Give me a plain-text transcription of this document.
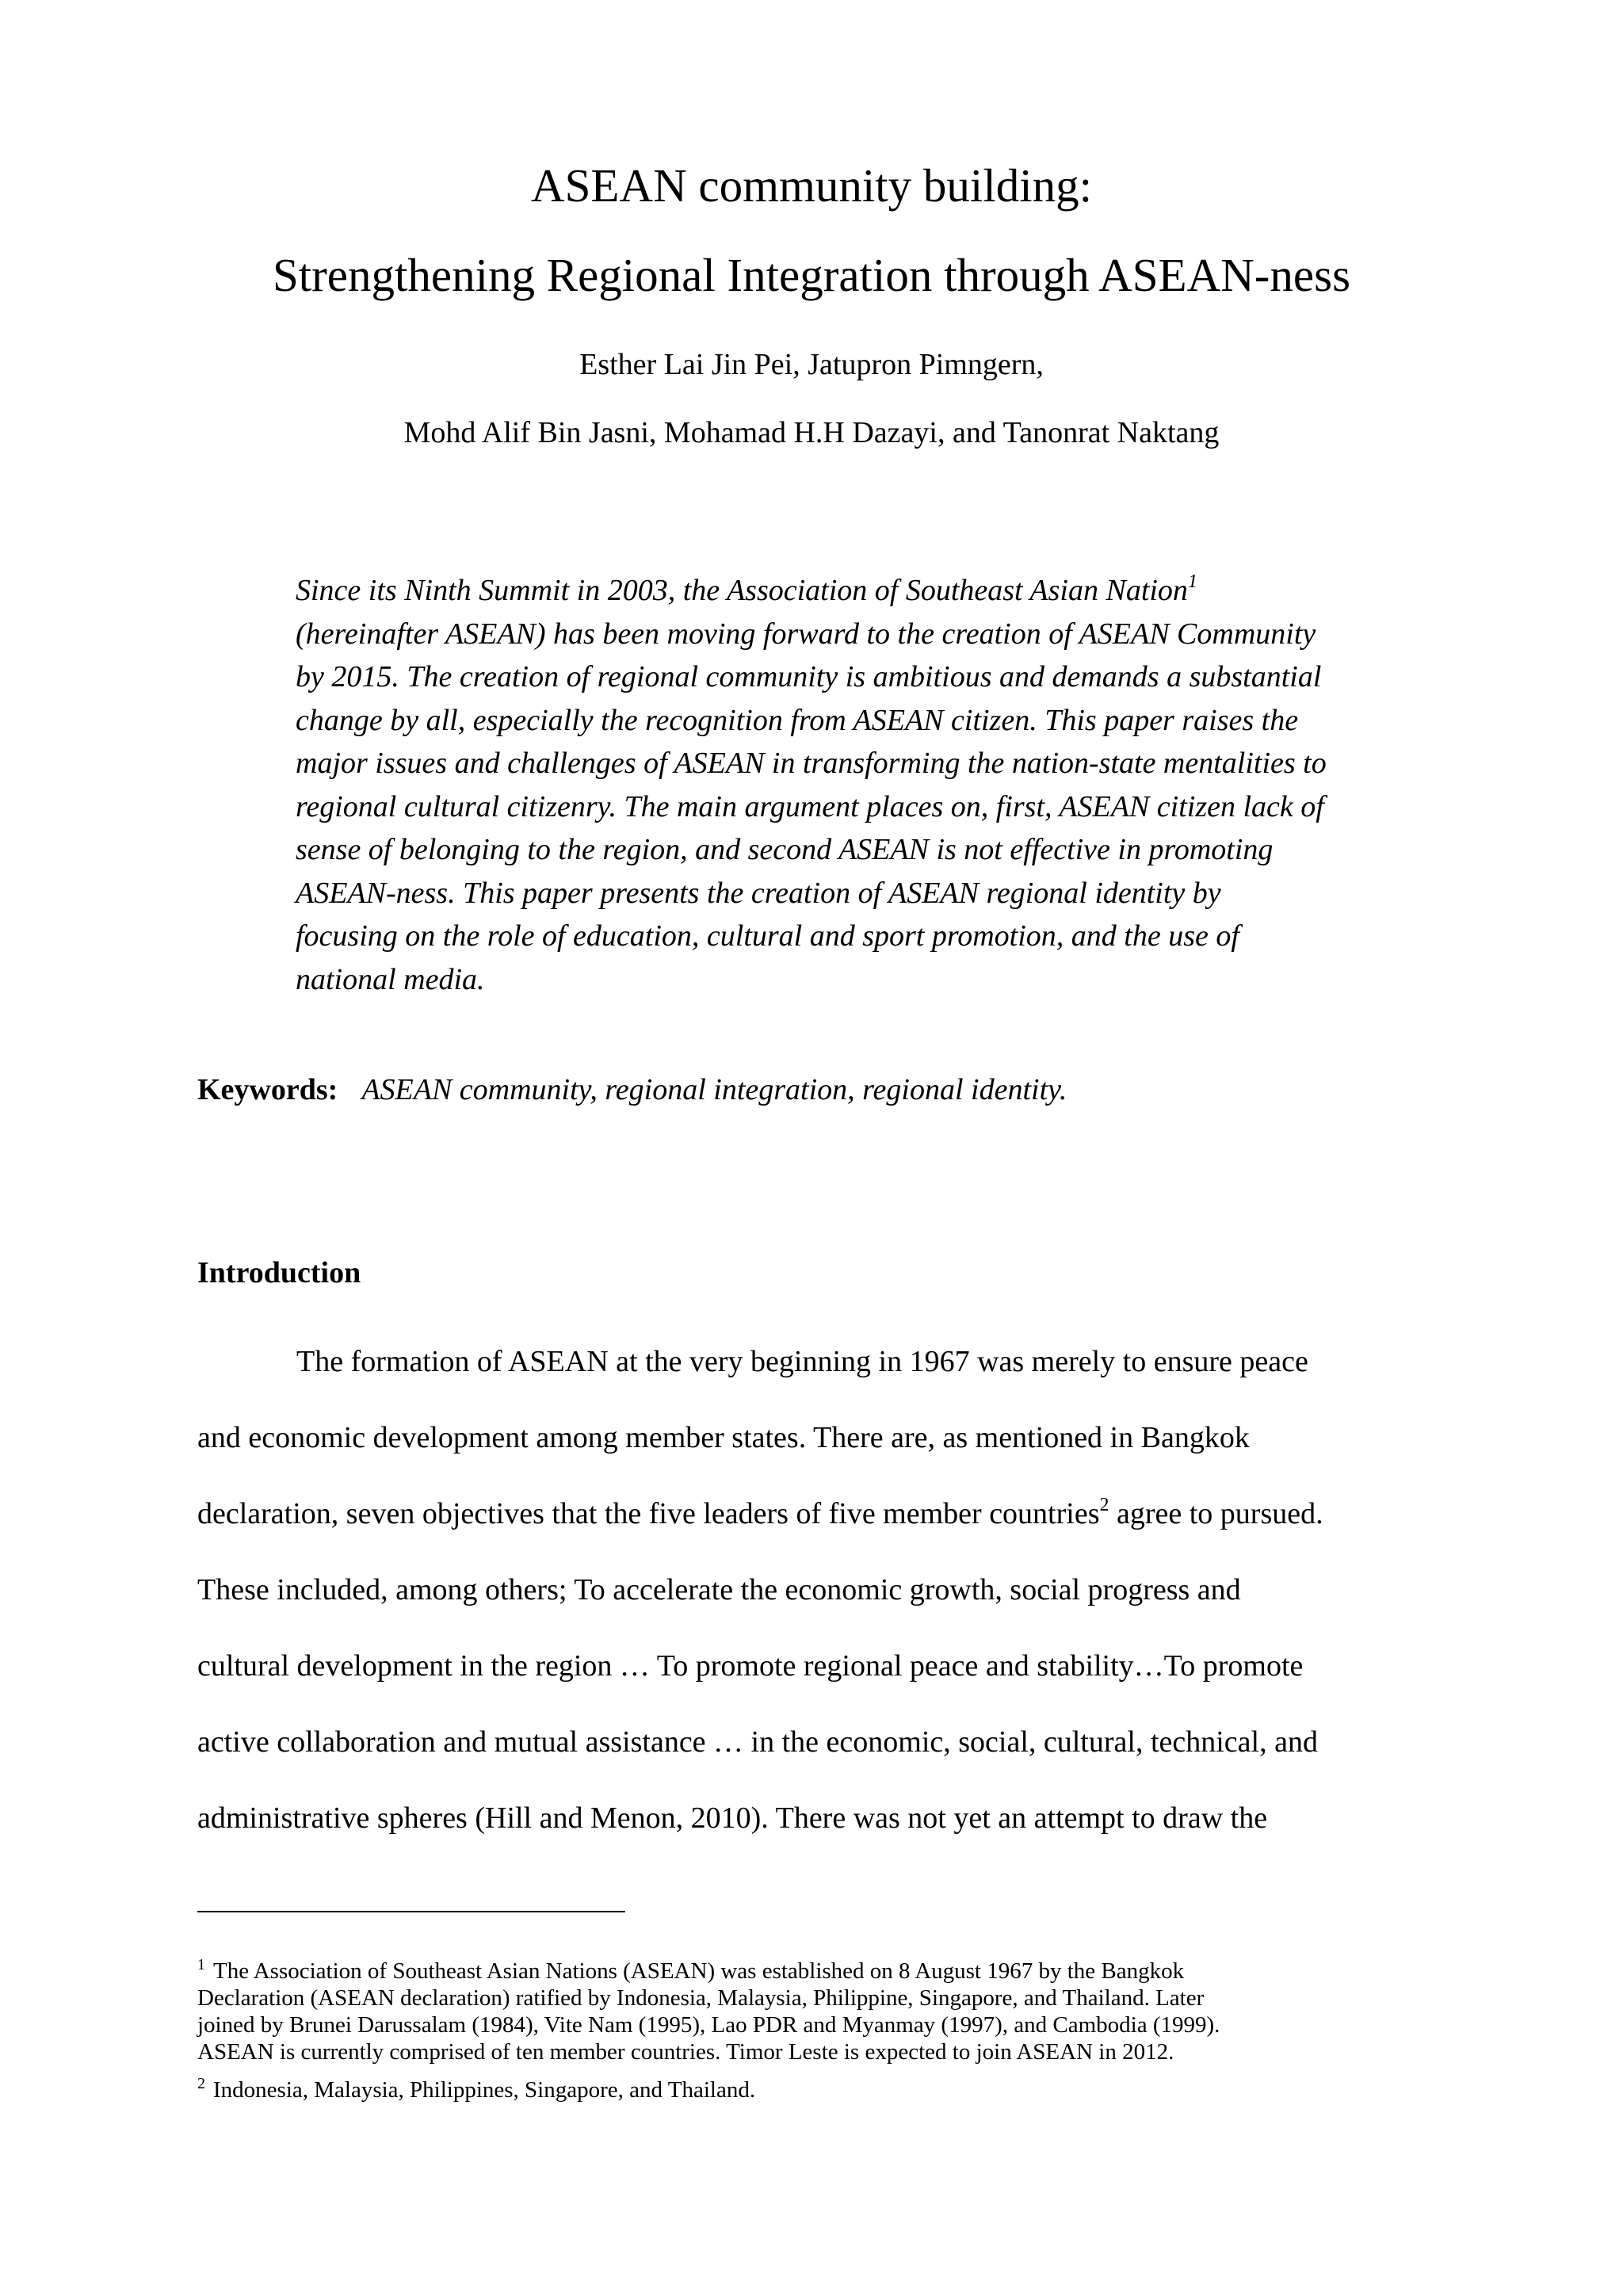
ASEAN community building:
Strengthening Regional Integration through ASEAN-ness
Esther Lai Jin Pei, Jatupron Pimngern,
Mohd Alif Bin Jasni, Mohamad H.H Dazayi, and Tanonrat Naktang
Since its Ninth Summit in 2003, the Association of Southeast Asian Nation$^1$
(hereinafter ASEAN) has been moving forward to the creation of ASEAN Community
by 2015. The creation of regional community is ambitious and demands a substantial
change by all, especially the recognition from ASEAN citizen. This paper raises the
major issues and challenges of ASEAN in transforming the nation-state mentalities to
regional cultural citizenry. The main argument places on, first, ASEAN citizen lack of
sense of belonging to the region, and second ASEAN is not effective in promoting
ASEAN-ness. This paper presents the creation of ASEAN regional identity by
focusing on the role of education, cultural and sport promotion, and the use of
national media.
Keywords: ASEAN community, regional integration, regional identity.
Introduction
The formation of ASEAN at the very beginning in 1967 was merely to ensure peace
and economic development among member states. There are, as mentioned in Bangkok
declaration, seven objectives that the five leaders of five member countries$^2$ agree to pursued.
These included, among others; To accelerate the economic growth, social progress and
cultural development in the region … To promote regional peace and stability…To promote
active collaboration and mutual assistance … in the economic, social, cultural, technical, and
administrative spheres (Hill and Menon, 2010). There was not yet an attempt to draw the
$^1$ The Association of Southeast Asian Nations (ASEAN) was established on 8 August 1967 by the Bangkok
Declaration (ASEAN declaration) ratified by Indonesia, Malaysia, Philippine, Singapore, and Thailand. Later
joined by Brunei Darussalam (1984), Vite Nam (1995), Lao PDR and Myanmay (1997), and Cambodia (1999).
ASEAN is currently comprised of ten member countries. Timor Leste is expected to join ASEAN in 2012.
$^2$ Indonesia, Malaysia, Philippines, Singapore, and Thailand.
